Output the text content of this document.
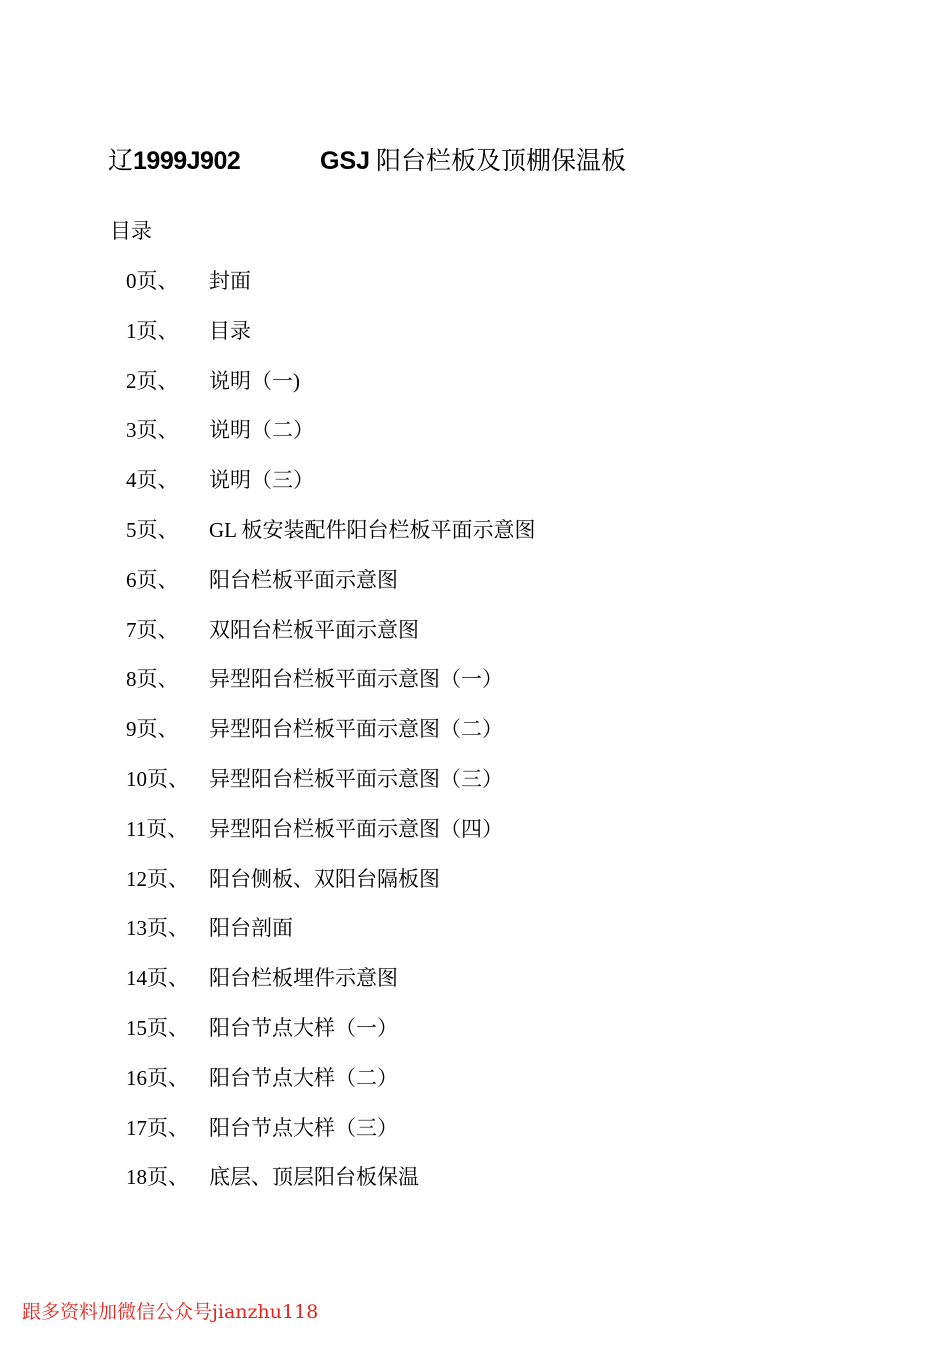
辽1999J902	GSJ 阳台栏板及顶棚保温板
目录
0页、 封面
1页、 目录
2页、 说明（一)
3页、 说明（二）
4页、 说明（三）
5页、 GL 板安装配件阳台栏板平面示意图
6页、 阳台栏板平面示意图
7页、 双阳台栏板平面示意图
8页、 异型阳台栏板平面示意图（一）
9页、 异型阳台栏板平面示意图（二）
10页、 异型阳台栏板平面示意图（三）
11页、 异型阳台栏板平面示意图（四）
12页、 阳台侧板、双阳台隔板图
13页、 阳台剖面
14页、 阳台栏板埋件示意图
15页、 阳台节点大样（一）
16页、 阳台节点大样（二）
17页、 阳台节点大样（三）
18页、 底层、顶层阳台板保温
跟多资料加微信公众号jianzhu118
